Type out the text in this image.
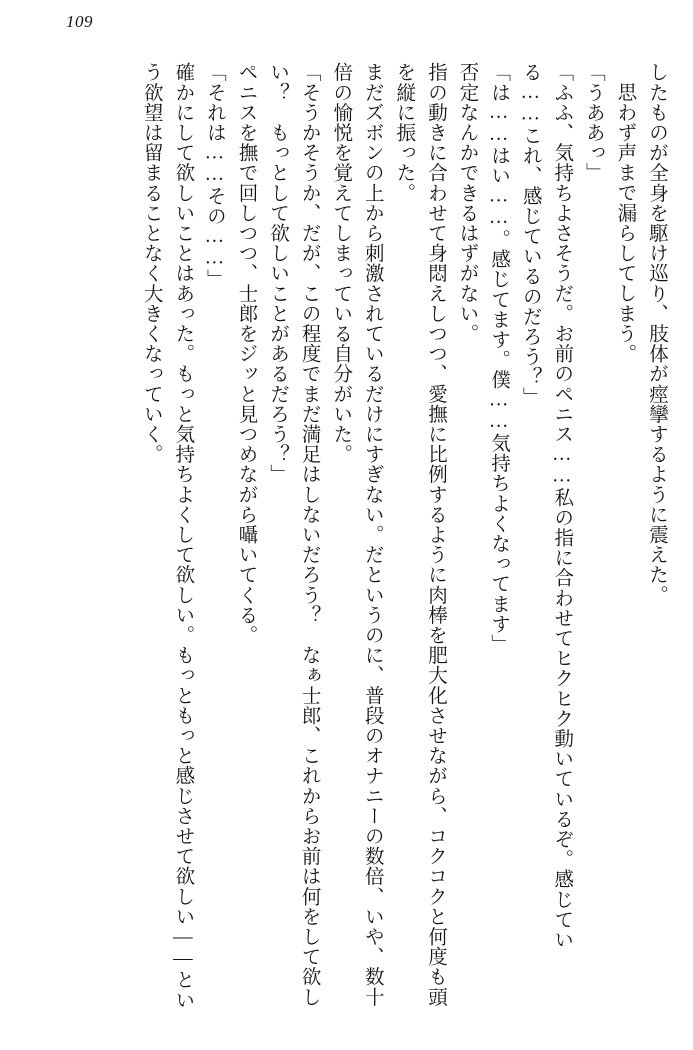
109

したものが全身を駆け巡り、肢体が痙攣するように震えた。

思わず声まで漏らしてしまう。

「うああっ」

「ふふ、気持ちよさそうだ。お前のペニス……私の指に合わせてヒクヒク動いているぞ。感じている……これ、感じているのだろう？」

「は……はい……。感じてます。僕……気持ちよくなってます」

否定なんかできるはずがない。

指の動きに合わせて身悶えしつつ、愛撫に比例するように肉棒を肥大化させながら、コクコクと何度も頭を縦に振った。

まだズボンの上から刺激されているだけにすぎない。だというのに、普段のオナニーの数倍、いや、数十倍の愉悦を覚えてしまっている自分がいた。

「そうかそうか、だが、この程度でまだ満足はしないだろう？　なぁ士郎、これからお前は何をして欲しい？　もっとして欲しいことがあるだろう？」

ペニスを撫で回しつつ、士郎をジッと見つめながら囁いてくる。

「それは……その……」

確かにして欲しいことはあった。もっと気持ちよくして欲しい。もっともっと感じさせて欲しい――という欲望は留まることなく大きくなっていく。
